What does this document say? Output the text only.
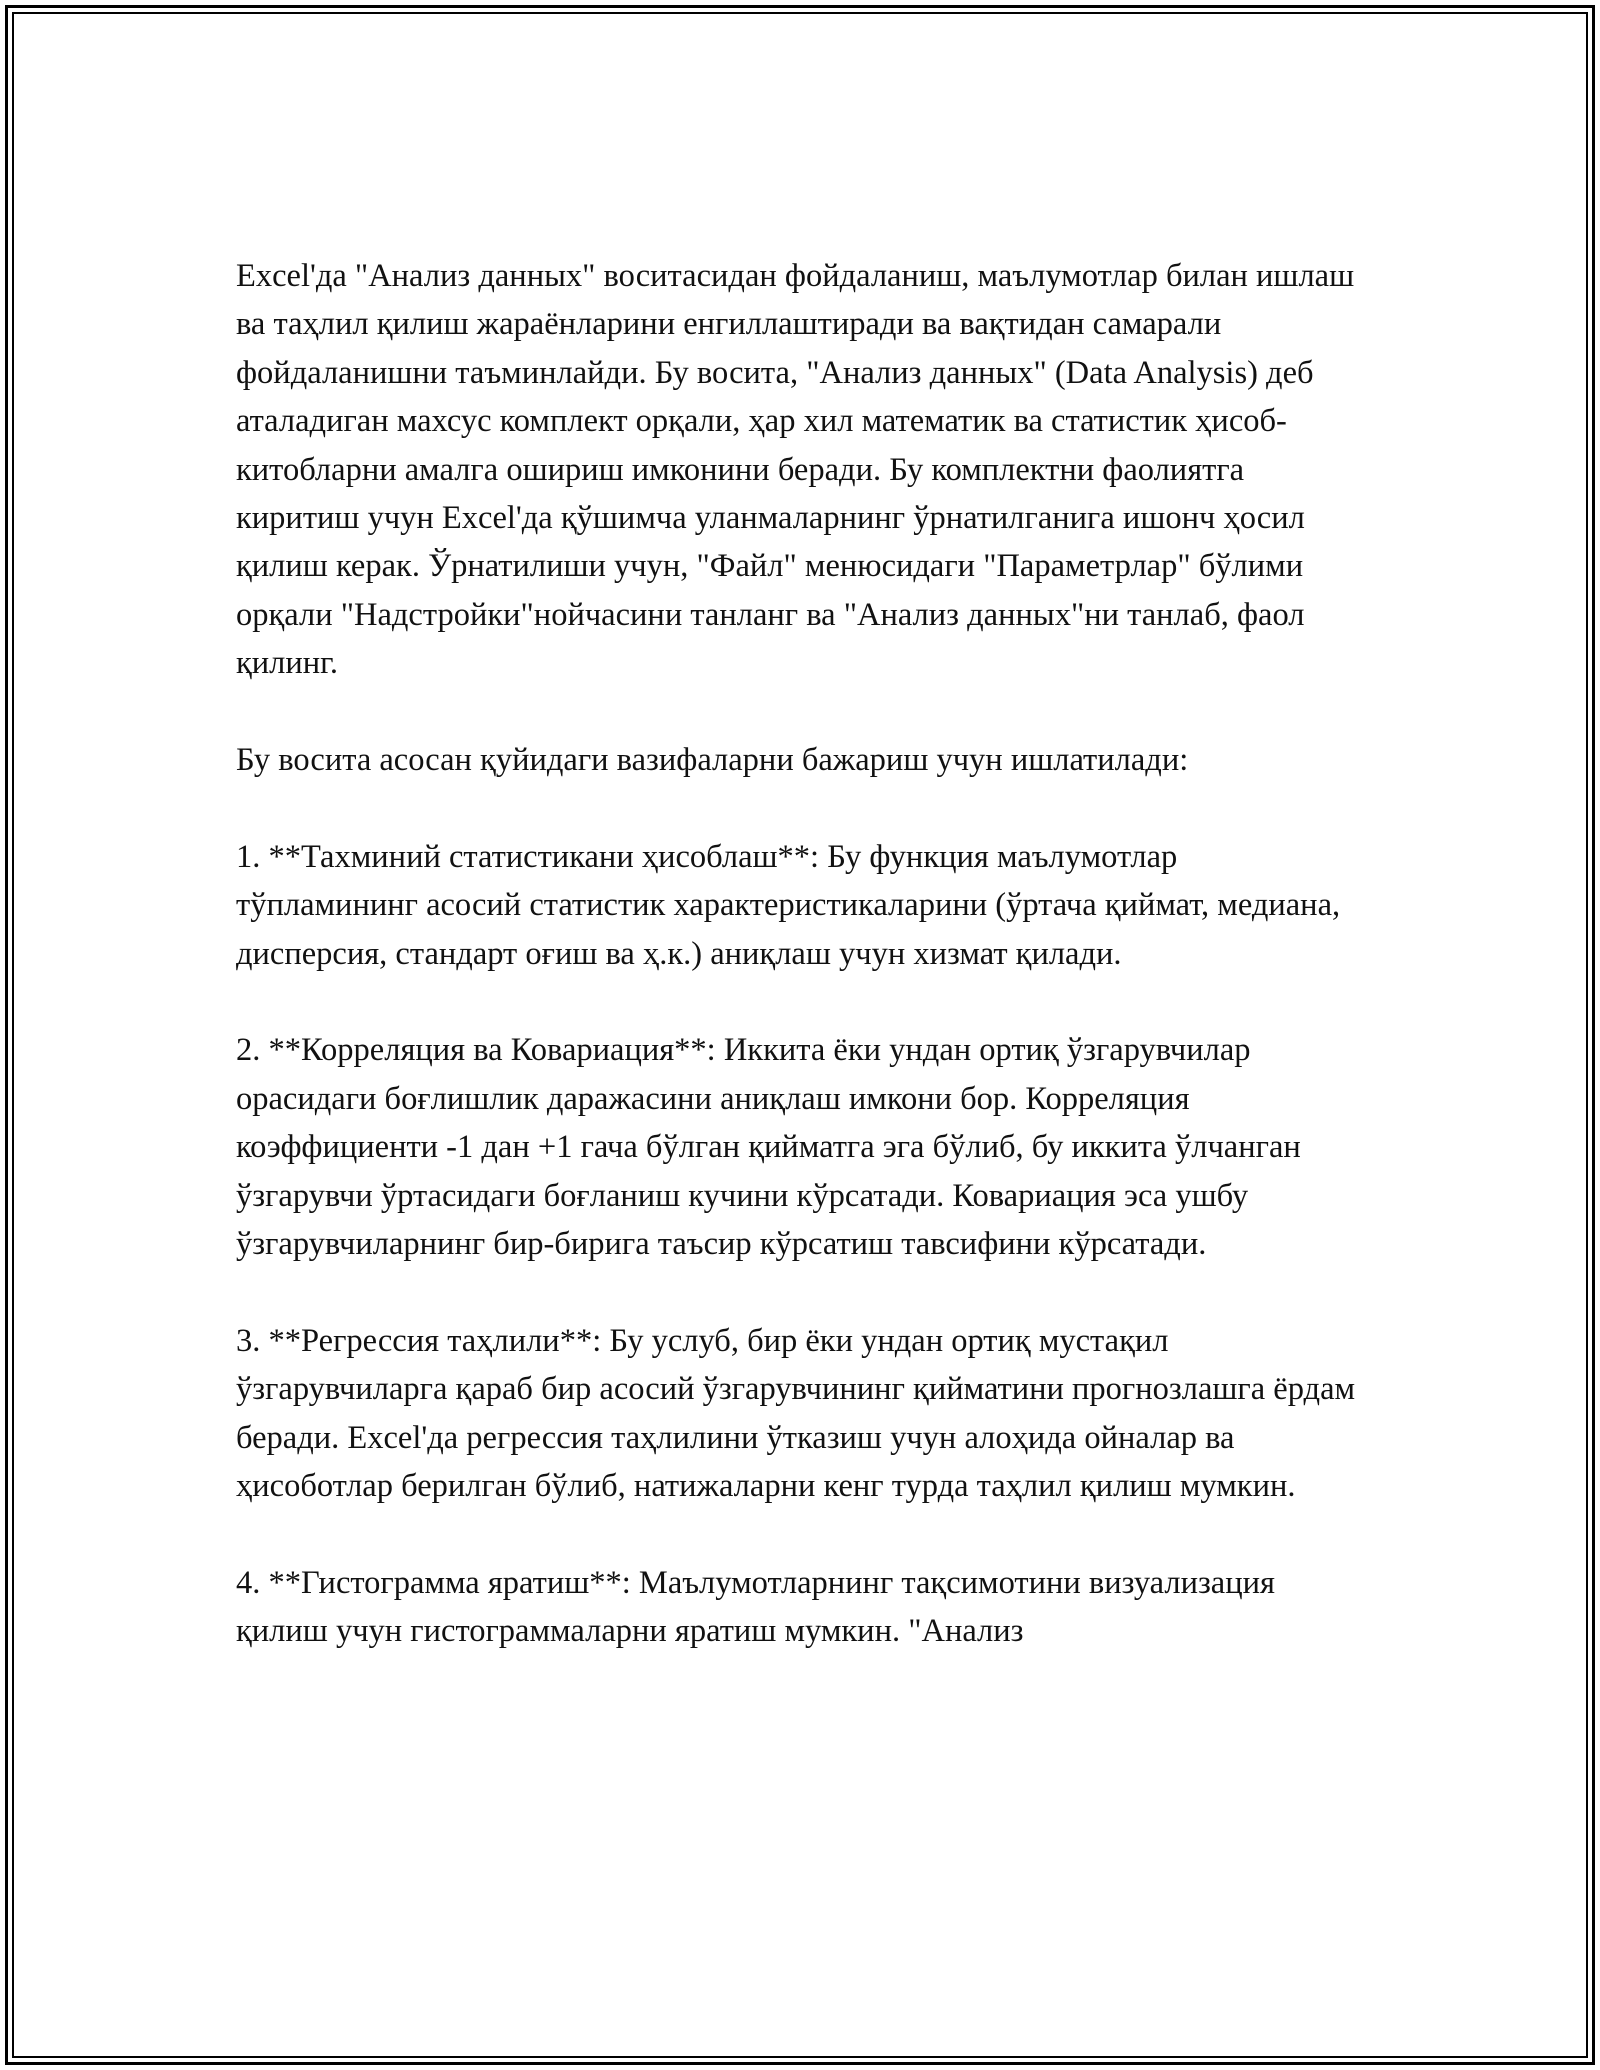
Excel'да "Анализ данных" воситасидан фойдаланиш, маълумотлар билан ишлаш ва таҳлил қилиш жараёнларини енгиллаштиради ва вақтидан самарали фойдаланишни таъминлайди. Бу восита, "Анализ данных" (Data Analysis) деб аталадиган махсус комплект орқали, ҳар хил математик ва статистик ҳисоб-китобларни амалга ошириш имконини беради. Бу комплектни фаолиятга киритиш учун Excel'да қўшимча уланмаларнинг ўрнатилганига ишонч ҳосил қилиш керак. Ўрнатилиши учун, "Файл" менюсидаги "Параметрлар" бўлими орқали "Надстройки"нойчасини танланг ва "Анализ данных"ни танлаб, фаол қилинг.

Бу восита асосан қуйидаги вазифаларни бажариш учун ишлатилади:

1. **Тахминий статистикани ҳисоблаш**: Бу функция маълумотлар тўпламининг асосий статистик характеристикаларини (ўртача қиймат, медиана, дисперсия, стандарт оғиш ва ҳ.к.) аниқлаш учун хизмат қилади.

2. **Корреляция ва Ковариация**: Иккита ёки ундан ортиқ ўзгарувчилар орасидаги боғлишлик даражасини аниқлаш имкони бор. Корреляция коэффициенти -1 дан +1 гача бўлган қийматга эга бўлиб, бу иккита ўлчанган ўзгарувчи ўртасидаги боғланиш кучини кўрсатади. Ковариация эса ушбу ўзгарувчиларнинг бир-бирига таъсир кўрсатиш тавсифини кўрсатади.

3. **Регрессия таҳлили**: Бу услуб, бир ёки ундан ортиқ мустақил ўзгарувчиларга қараб бир асосий ўзгарувчининг қийматини прогнозлашга ёрдам беради. Excel'да регрессия таҳлилини ўтказиш учун алоҳида ойналар ва ҳисоботлар берилган бўлиб, натижаларни кенг турда таҳлил қилиш мумкин.

4. **Гистограмма яратиш**: Маълумотларнинг тақсимотини визуализация қилиш учун гистограммаларни яратиш мумкин. "Анализ
